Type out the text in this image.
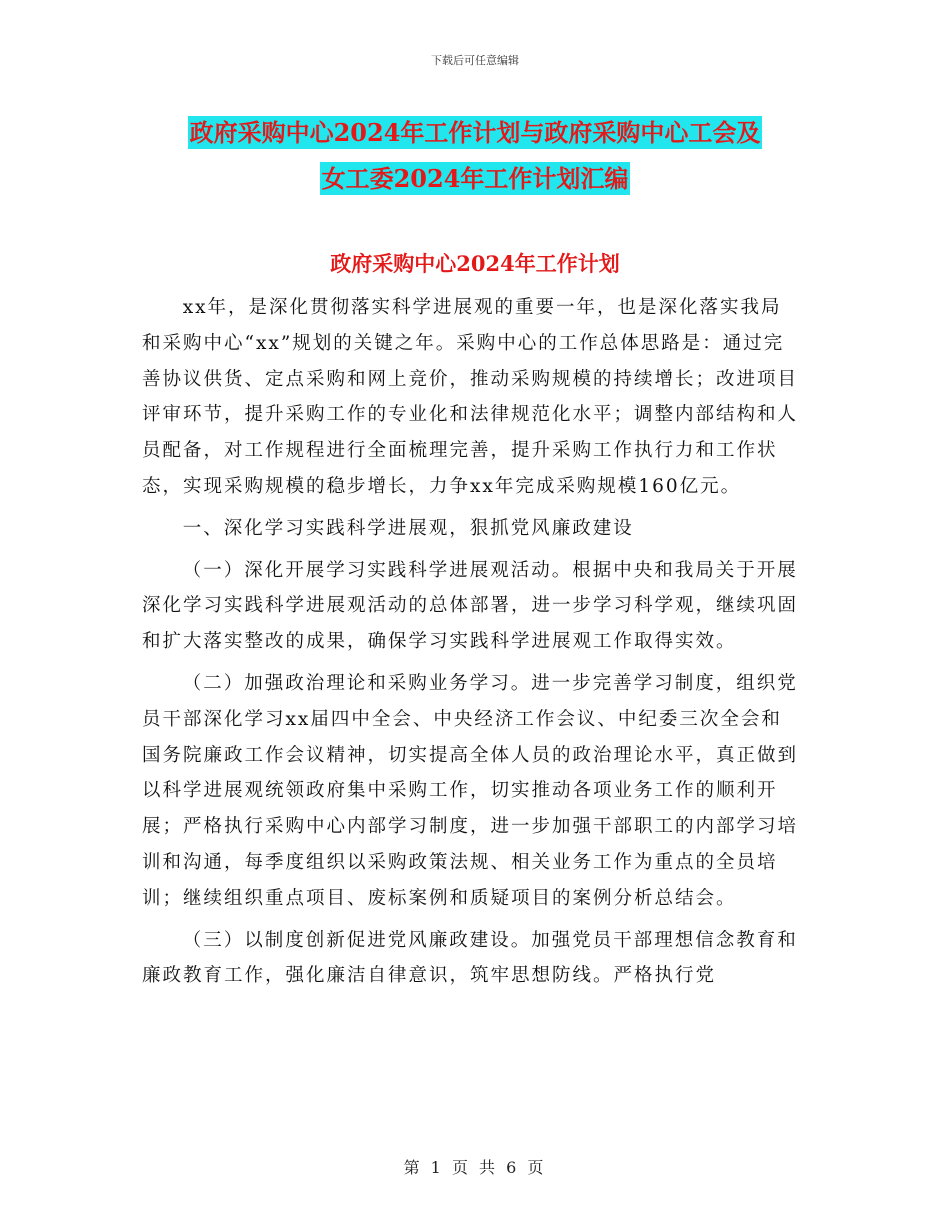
下载后可任意编辑
政府采购中心2024年工作计划与政府采购中心工会及
女工委2024年工作计划汇编
政府采购中心2024年工作计划

xx年，是深化贯彻落实科学进展观的重要一年，也是深化落实我局和采购中心“xx”规划的关键之年。采购中心的工作总体思路是：通过完善协议供货、定点采购和网上竞价，推动采购规模的持续增长；改进项目评审环节，提升采购工作的专业化和法律规范化水平；调整内部结构和人员配备，对工作规程进行全面梳理完善，提升采购工作执行力和工作状态，实现采购规模的稳步增长，力争xx年完成采购规模160亿元。

一、深化学习实践科学进展观，狠抓党风廉政建设

（一）深化开展学习实践科学进展观活动。根据中央和我局关于开展深化学习实践科学进展观活动的总体部署，进一步学习科学观，继续巩固和扩大落实整改的成果，确保学习实践科学进展观工作取得实效。

（二）加强政治理论和采购业务学习。进一步完善学习制度，组织党员干部深化学习xx届四中全会、中央经济工作会议、中纪委三次全会和国务院廉政工作会议精神，切实提高全体人员的政治理论水平，真正做到以科学进展观统领政府集中采购工作，切实推动各项业务工作的顺利开展；严格执行采购中心内部学习制度，进一步加强干部职工的内部学习培训和沟通，每季度组织以采购政策法规、相关业务工作为重点的全员培训；继续组织重点项目、废标案例和质疑项目的案例分析总结会。

（三）以制度创新促进党风廉政建设。加强党员干部理想信念教育和廉政教育工作，强化廉洁自律意识，筑牢思想防线。严格执行党

第 1 页 共 6 页
